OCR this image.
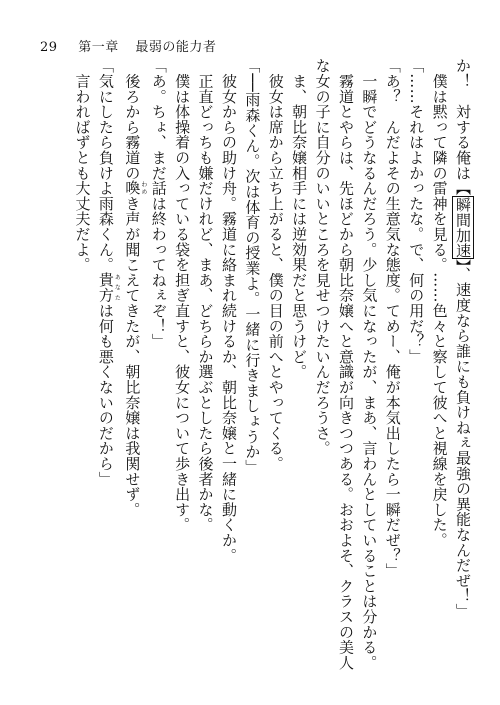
29 第一章 最弱の能力者
か！　対する俺は【瞬間加速】、速度なら誰にも負けねぇ最強の異能なんだぜ！」
　僕は黙って隣の雷神を見る。……色々と察して彼へと視線を戻した。
「……それはよかったな。で、何の用だ？」
「あ？　んだよその生意気な態度。てめー、俺が本気出したら一瞬だぜ？」
　一瞬でどうなるんだろう。少し気になったが、まあ、言わんとしていることは分かる。
　霧道とやらは、先ほどから朝比奈嬢へと意識が向きつつある。おおよそ、クラスの美人
な女の子に自分のいいところを見せつけたいんだろうさ。
　ま、朝比奈嬢相手には逆効果だと思うけど。
　彼女は席から立ち上がると、僕の目の前へとやってくる。
「──雨森くん。次は体育の授業よ。一緒に行きましょうか」
　彼女からの助け舟。霧道に絡まれ続けるか、朝比奈嬢と一緒に動くか。
　正直どっちも嫌だけれど、まあ、どちらか選ぶとしたら後者かな。
　僕は体操着の入っている袋を担ぎ直すと、彼女について歩き出す。
「あ。ちょ、まだ話は終わってねぇぞ！」
　後ろから霧道の喚わめき声が聞こえてきたが、朝比奈嬢は我関せず。
「気にしたら負けよ雨森くん。貴方あなたは何も悪くないのだから」
　言わればずとも大丈夫だよ。
